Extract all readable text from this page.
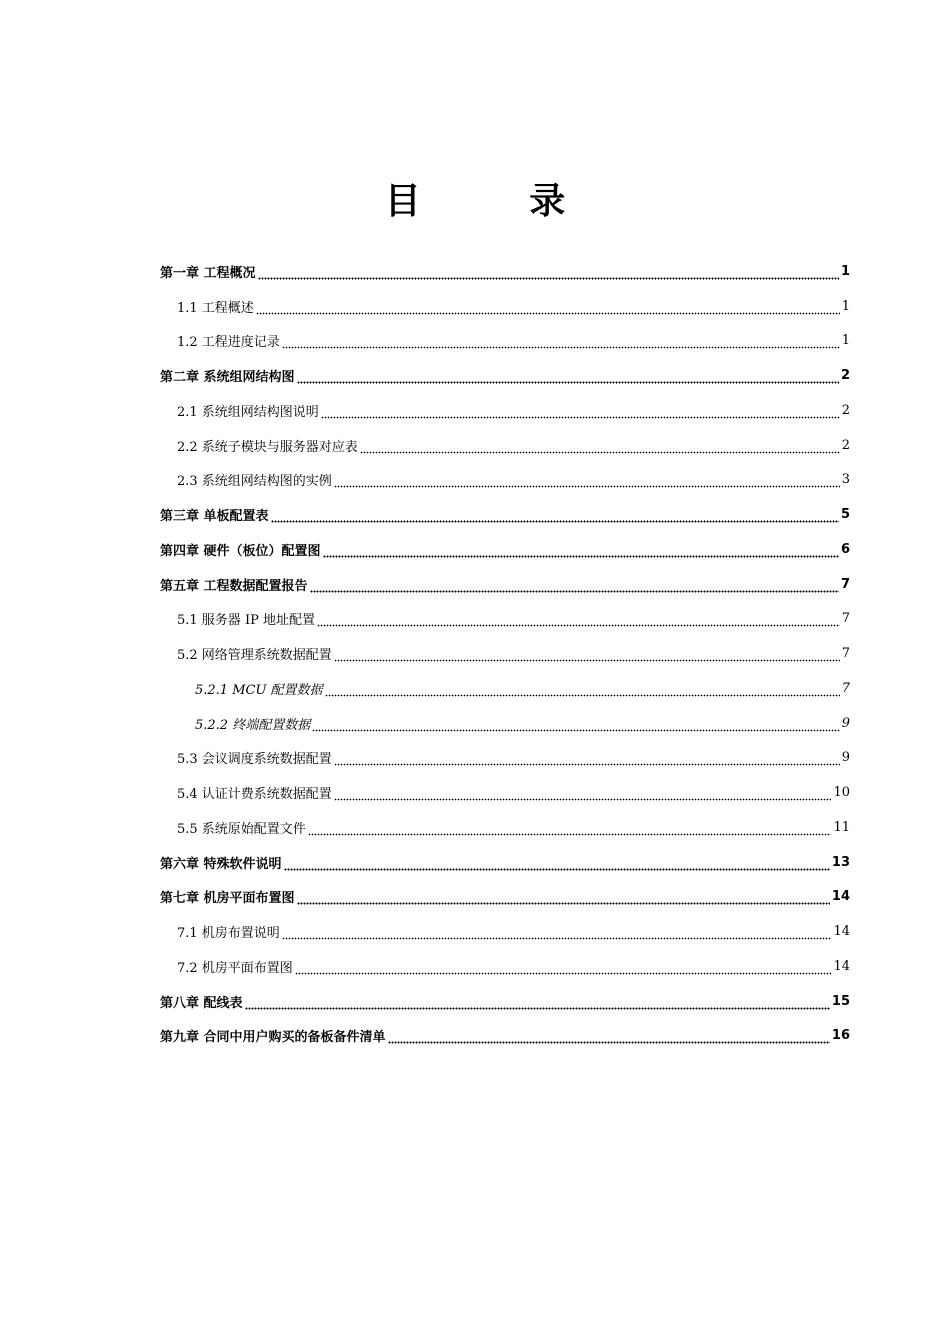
目 录
第一章 工程概况	1
1.1 工程概述	1
1.2 工程进度记录	1
第二章 系统组网结构图	2
2.1 系统组网结构图说明	2
2.2 系统子模块与服务器对应表	2
2.3 系统组网结构图的实例	3
第三章 单板配置表	5
第四章 硬件（板位）配置图	6
第五章 工程数据配置报告	7
5.1 服务器 IP 地址配置	7
5.2 网络管理系统数据配置	7
5.2.1 MCU 配置数据	7
5.2.2 终端配置数据	9
5.3 会议调度系统数据配置	9
5.4 认证计费系统数据配置	10
5.5 系统原始配置文件	11
第六章 特殊软件说明	13
第七章 机房平面布置图	14
7.1 机房布置说明	14
7.2 机房平面布置图	14
第八章 配线表	15
第九章 合同中用户购买的备板备件清单	16
